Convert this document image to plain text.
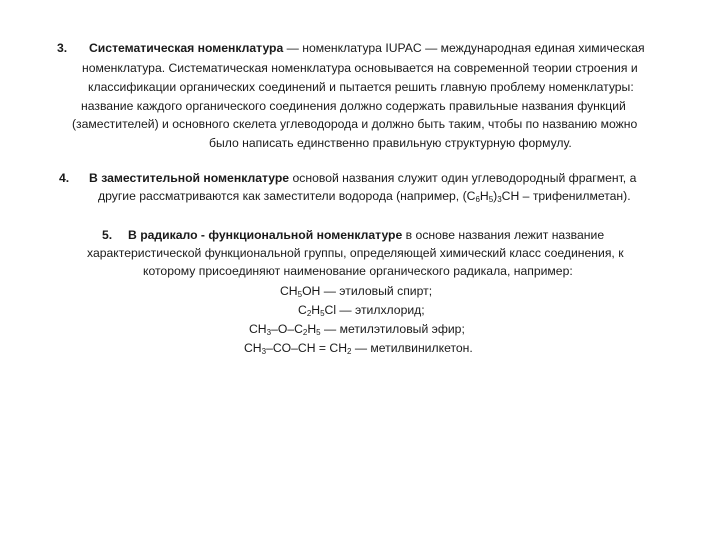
3. Систематическая номенклатура — номенклатура IUPAC — международная единая химическая
номенклатура. Систематическая номенклатура основывается на современной теории строения и
классификации органических соединений и пытается решить главную проблему номенклатуры:
название каждого органического соединения должно содержать правильные названия функций
(заместителей) и основного скелета углеводорода и должно быть таким, чтобы по названию можно
было написать единственно правильную структурную формулу.
4. В заместительной номенклатуре основой названия служит один углеводородный фрагмент, а
другие рассматриваются как заместители водорода (например, $(C_6H_5)_3CH$ – трифенилметан).
5. В радикало - функциональной номенклатуре в основе названия лежит название
характеристической функциональной группы, определяющей химический класс соединения, к
которому присоединяют наименование органического радикала, например:
$CH_5OH$ — этиловый спирт;
$C_2H_5Cl$ — этилхлорид;
$CH_3-O-C_2H_5$ — метилэтиловый эфир;
$CH_3-CO-CH = CH_2$ — метилвинилкетон.
